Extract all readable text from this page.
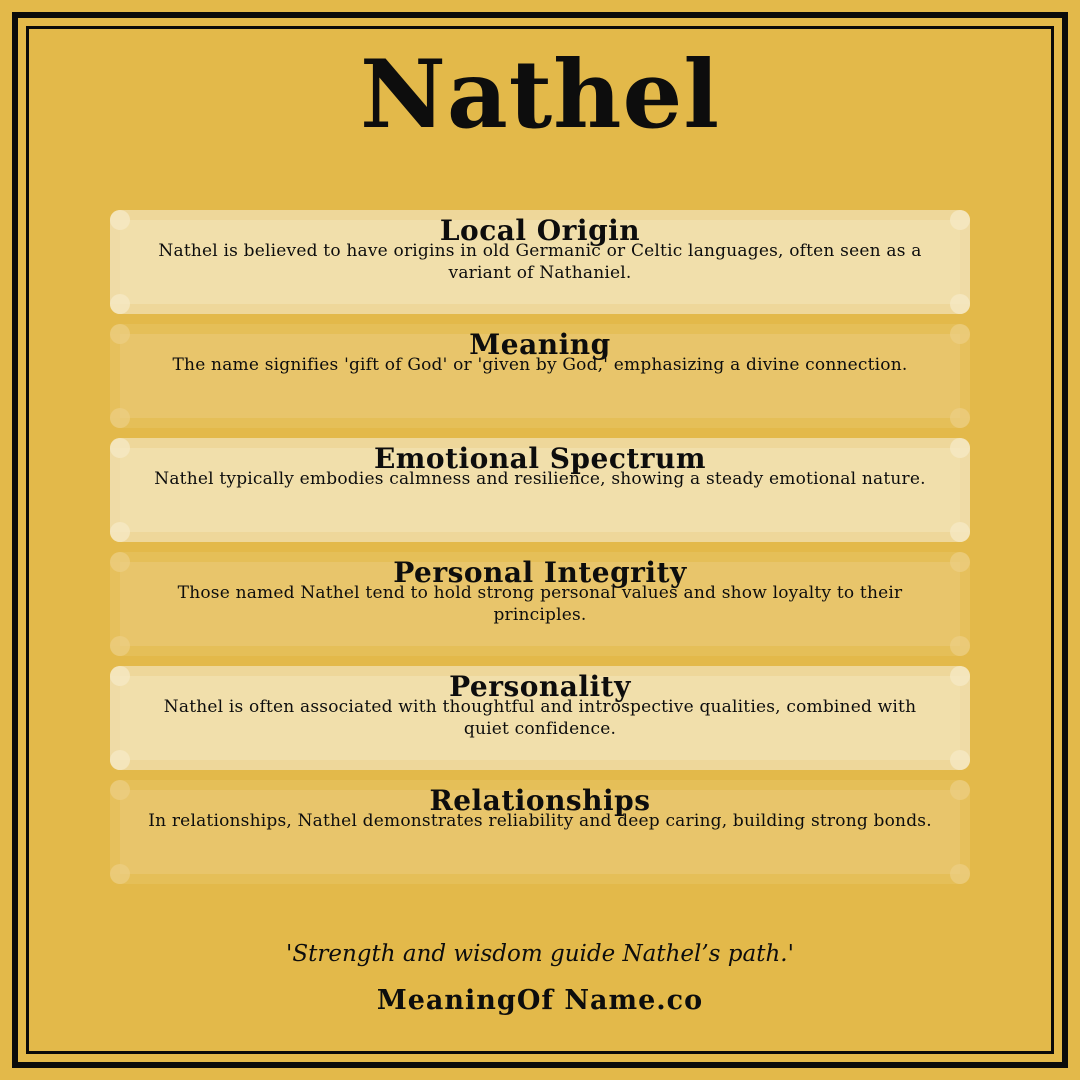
Nathel
Local Origin
Nathel is believed to have origins in old Germanic or Celtic languages, often seen as a variant of Nathaniel.
Meaning
The name signifies 'gift of God' or 'given by God,' emphasizing a divine connection.
Emotional Spectrum
Nathel typically embodies calmness and resilience, showing a steady emotional nature.
Personal Integrity
Those named Nathel tend to hold strong personal values and show loyalty to their principles.
Personality
Nathel is often associated with thoughtful and introspective qualities, combined with quiet confidence.
Relationships
In relationships, Nathel demonstrates reliability and deep caring, building strong bonds.
'Strength and wisdom guide Nathel’s path.'
MeaningOf Name.co
